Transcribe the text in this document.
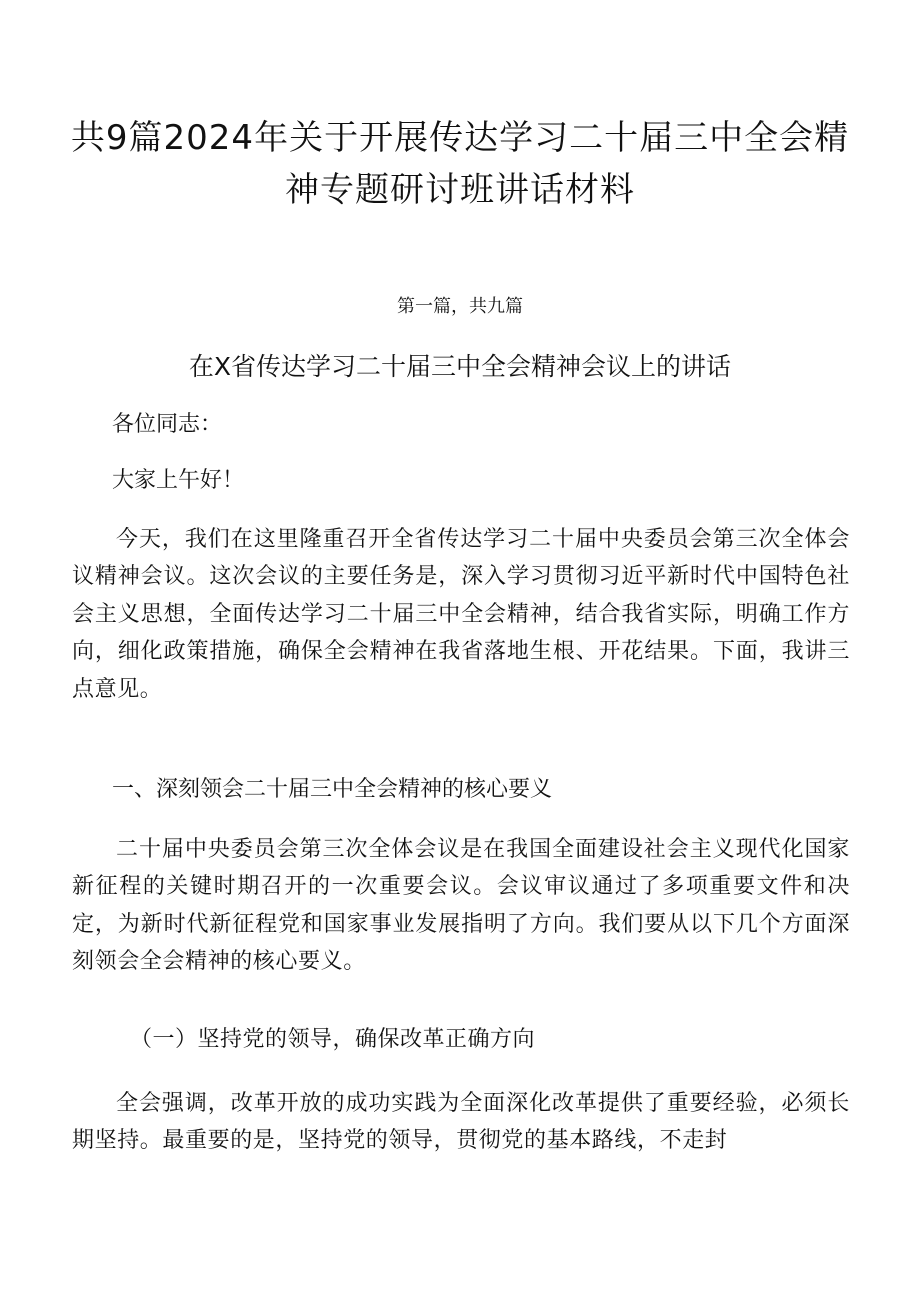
共9篇2024年关于开展传达学习二十届三中全会精神专题研讨班讲话材料
第一篇，共九篇
在X省传达学习二十届三中全会精神会议上的讲话
各位同志：
大家上午好！

今天，我们在这里隆重召开全省传达学习二十届中央委员会第三次全体会议精神会议。这次会议的主要任务是，深入学习贯彻习近平新时代中国特色社会主义思想，全面传达学习二十届三中全会精神，结合我省实际，明确工作方向，细化政策措施，确保全会精神在我省落地生根、开花结果。下面，我讲三点意见。

一、深刻领会二十届三中全会精神的核心要义

二十届中央委员会第三次全体会议是在我国全面建设社会主义现代化国家新征程的关键时期召开的一次重要会议。会议审议通过了多项重要文件和决定，为新时代新征程党和国家事业发展指明了方向。我们要从以下几个方面深刻领会全会精神的核心要义。

（一）坚持党的领导，确保改革正确方向

全会强调，改革开放的成功实践为全面深化改革提供了重要经验，必须长期坚持。最重要的是，坚持党的领导，贯彻党的基本路线，不走封
